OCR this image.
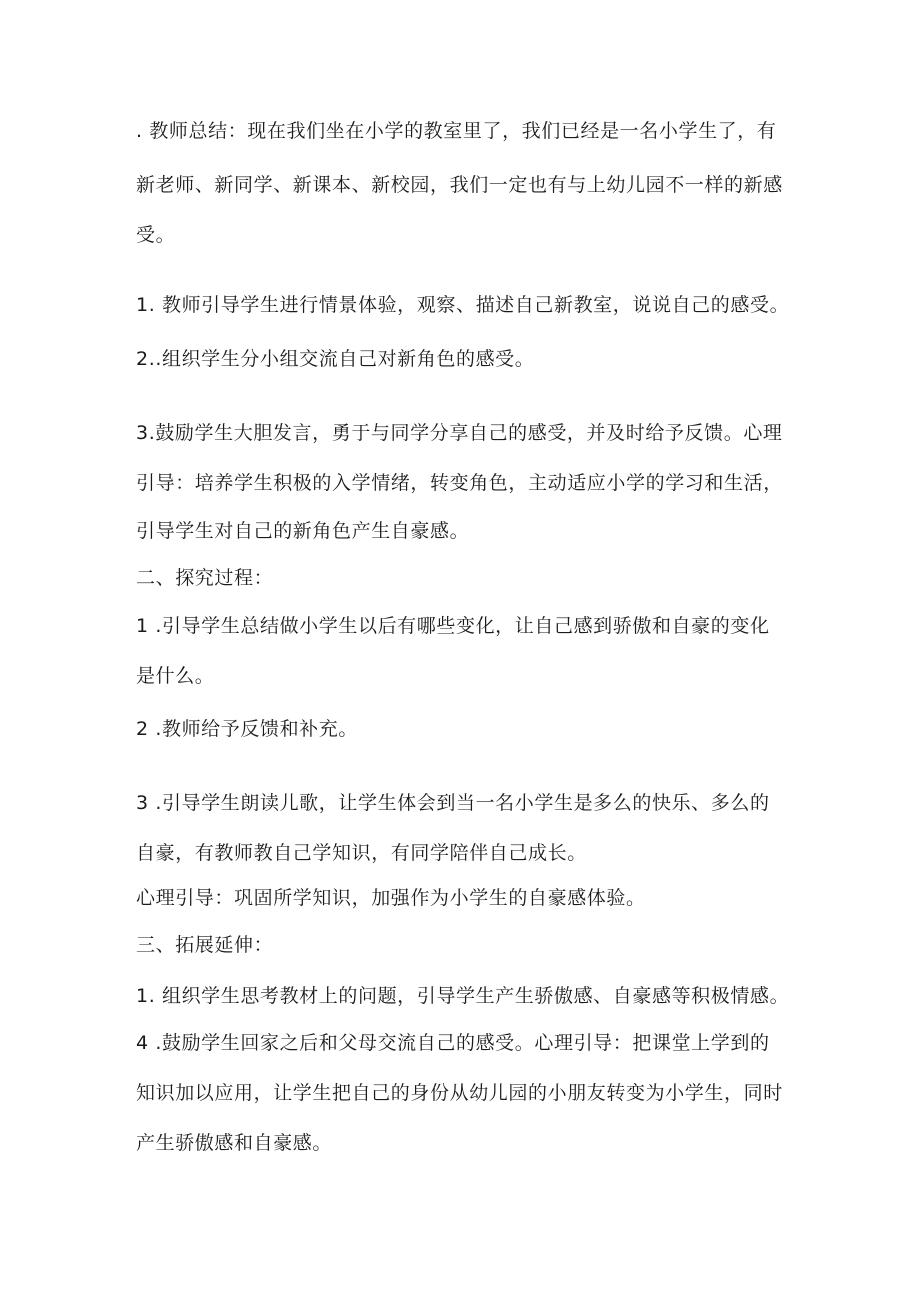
. 教师总结：现在我们坐在小学的教室里了，我们已经是一名小学生了，有
新老师、新同学、新课本、新校园，我们一定也有与上幼儿园不一样的新感
受。
1. 教师引导学生进行情景体验，观察、描述自己新教室，说说自己的感受。
2..组织学生分小组交流自己对新角色的感受。
3.鼓励学生大胆发言，勇于与同学分享自己的感受，并及时给予反馈。心理
引导：培养学生积极的入学情绪，转变角色，主动适应小学的学习和生活，
引导学生对自己的新角色产生自豪感。
二、探究过程：
1 .引导学生总结做小学生以后有哪些变化，让自己感到骄傲和自豪的变化
是什么。
2 .教师给予反馈和补充。
3 .引导学生朗读儿歌，让学生体会到当一名小学生是多么的快乐、多么的
自豪，有教师教自己学知识，有同学陪伴自己成长。
心理引导：巩固所学知识，加强作为小学生的自豪感体验。
三、拓展延伸：
1. 组织学生思考教材上的问题，引导学生产生骄傲感、自豪感等积极情感。
4 .鼓励学生回家之后和父母交流自己的感受。心理引导：把课堂上学到的
知识加以应用，让学生把自己的身份从幼儿园的小朋友转变为小学生，同时
产生骄傲感和自豪感。
